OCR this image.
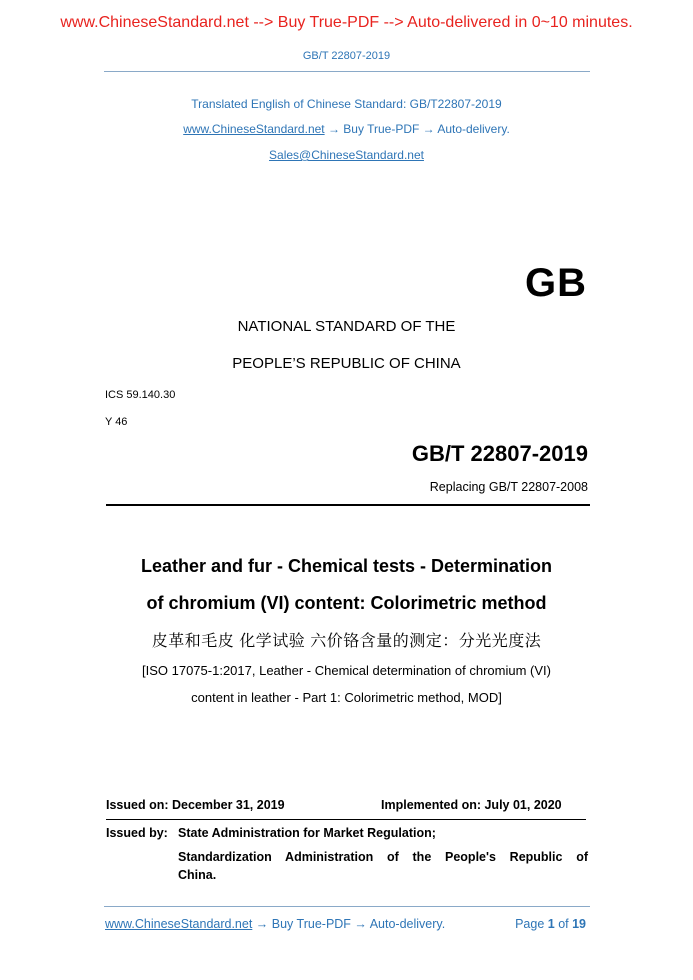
www.ChineseStandard.net --> Buy True-PDF --> Auto-delivered in 0~10 minutes.
GB/T 22807-2019
Translated English of Chinese Standard: GB/T22807-2019
www.ChineseStandard.net → Buy True-PDF → Auto-delivery.
Sales@ChineseStandard.net
GB
NATIONAL STANDARD OF THE
PEOPLE’S REPUBLIC OF CHINA
ICS 59.140.30
Y 46
GB/T 22807-2019
Replacing GB/T 22807-2008
Leather and fur - Chemical tests - Determination
of chromium (VI) content: Colorimetric method
皮革和毛皮 化学试验 六价铬含量的测定：分光光度法
[ISO 17075-1:2017, Leather - Chemical determination of chromium (VI)
content in leather - Part 1: Colorimetric method, MOD]
Issued on: December 31, 2019	Implemented on: July 01, 2020
Issued by: State Administration for Market Regulation;
Standardization Administration of the People's Republic of
China.
www.ChineseStandard.net → Buy True-PDF → Auto-delivery.	Page 1 of 19
